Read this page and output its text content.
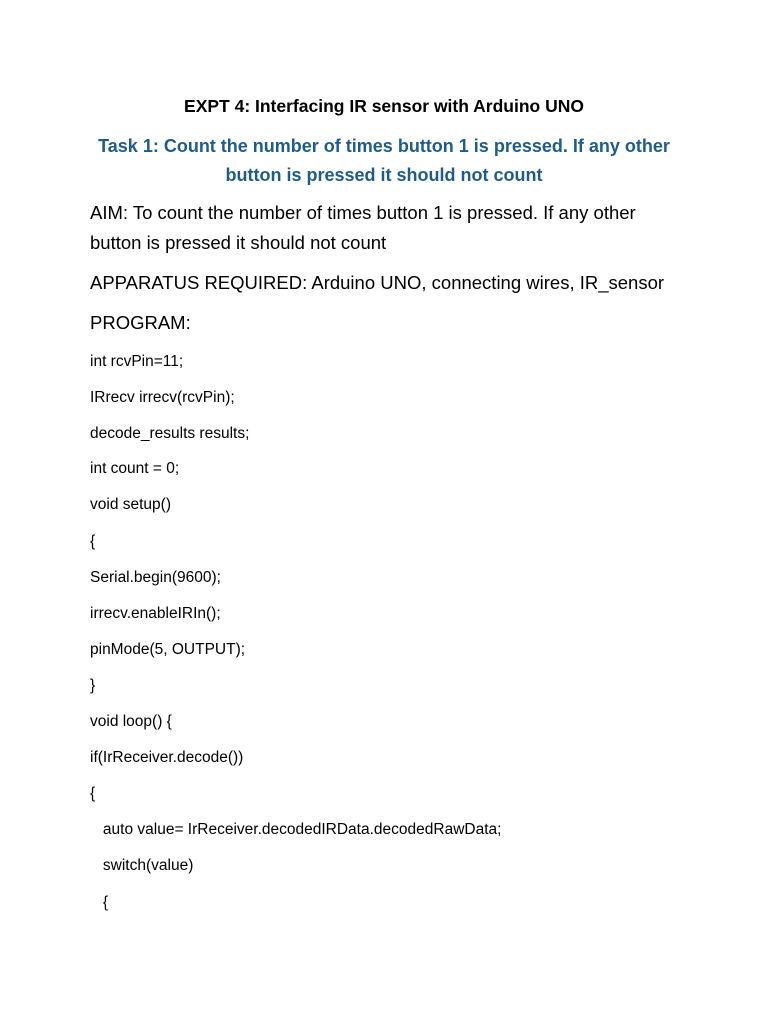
EXPT 4: Interfacing IR sensor with Arduino UNO
Task 1: Count the number of times button 1 is pressed. If any other button is pressed it should not count

AIM: To count the number of times button 1 is pressed. If any other button is pressed it should not count

APPARATUS REQUIRED: Arduino UNO, connecting wires, IR_sensor

PROGRAM:

int rcvPin=11;

IRrecv irrecv(rcvPin);

decode_results results;

int count = 0;

void setup()

{

Serial.begin(9600);

irrecv.enableIRIn();

pinMode(5, OUTPUT);

}

void loop() {

if(IrReceiver.decode())

{

auto value= IrReceiver.decodedIRData.decodedRawData;

switch(value)

{
